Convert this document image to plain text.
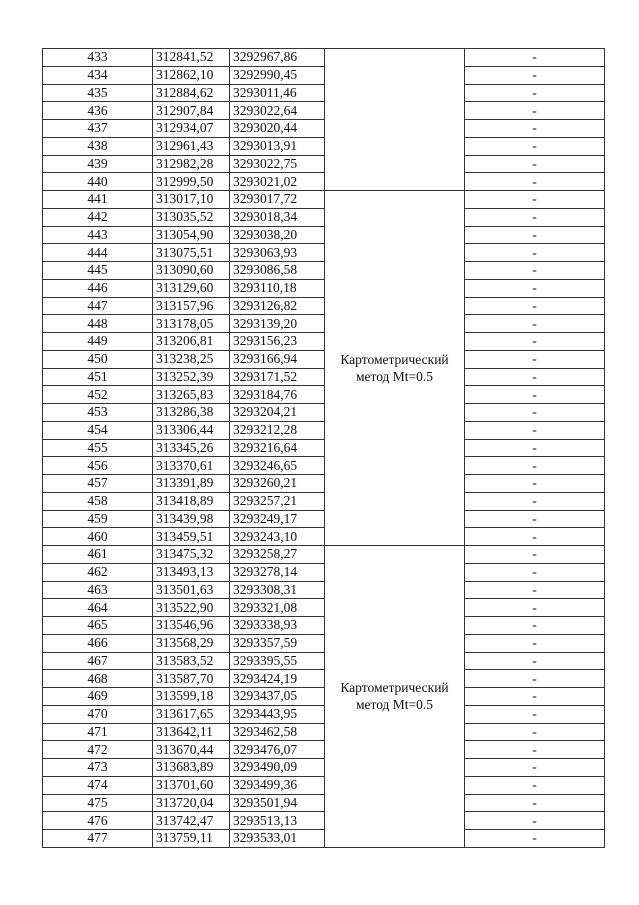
433	312841,52	3292967,86		-
434	312862,10	3292990,45		-
435	312884,62	3293011,46		-
436	312907,84	3293022,64		-
437	312934,07	3293020,44		-
438	312961,43	3293013,91		-
439	312982,28	3293022,75		-
440	312999,50	3293021,02		-
441	313017,10	3293017,72	Картометрический метод Mt=0.5	-
442	313035,52	3293018,34		-
443	313054,90	3293038,20		-
444	313075,51	3293063,93		-
445	313090,60	3293086,58		-
446	313129,60	3293110,18		-
447	313157,96	3293126,82		-
448	313178,05	3293139,20		-
449	313206,81	3293156,23		-
450	313238,25	3293166,94		-
451	313252,39	3293171,52		-
452	313265,83	3293184,76		-
453	313286,38	3293204,21		-
454	313306,44	3293212,28		-
455	313345,26	3293216,64		-
456	313370,61	3293246,65		-
457	313391,89	3293260,21		-
458	313418,89	3293257,21		-
459	313439,98	3293249,17		-
460	313459,51	3293243,10		-
461	313475,32	3293258,27	Картометрический метод Mt=0.5	-
462	313493,13	3293278,14		-
463	313501,63	3293308,31		-
464	313522,90	3293321,08		-
465	313546,96	3293338,93		-
466	313568,29	3293357,59		-
467	313583,52	3293395,55		-
468	313587,70	3293424,19		-
469	313599,18	3293437,05		-
470	313617,65	3293443,95		-
471	313642,11	3293462,58		-
472	313670,44	3293476,07		-
473	313683,89	3293490,09		-
474	313701,60	3293499,36		-
475	313720,04	3293501,94		-
476	313742,47	3293513,13		-
477	313759,11	3293533,01		-
